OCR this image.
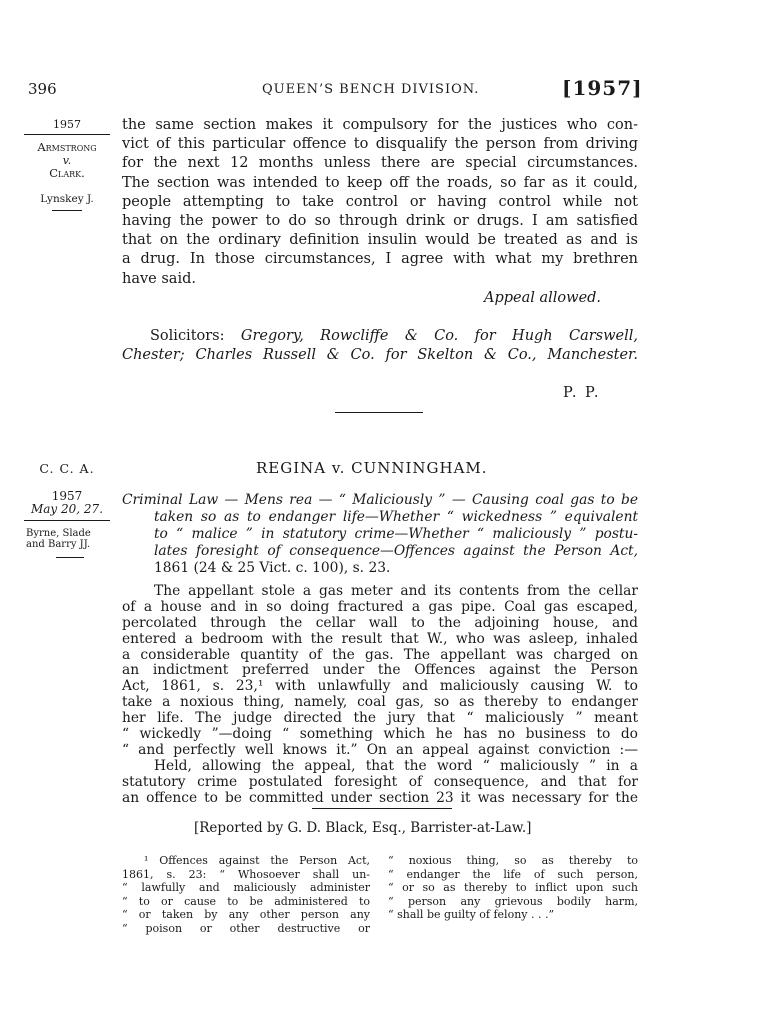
396	QUEEN’S BENCH DIVISION.	[1957]
1957
Armstrong
v.
Clark.
Lynskey J.
the same section makes it compulsory for the justices who con-
vict of this particular offence to disqualify the person from driving
for the next 12 months unless there are special circumstances.
The section was intended to keep off the roads, so far as it could,
people attempting to take control or having control while not
having the power to do so through drink or drugs. I am satisfied
that on the ordinary definition insulin would be treated as and is
a drug. In those circumstances, I agree with what my brethren
have said.
Appeal allowed.
Solicitors: Gregory, Rowcliffe & Co. for Hugh Carswell,
Chester; Charles Russell & Co. for Skelton & Co., Manchester.
P. P.
C. C. A.
1957
May 20, 27.
Byrne, Slade
and Barry JJ.
REGINA v. CUNNINGHAM.
Criminal Law — Mens rea — “ Maliciously ” — Causing coal gas to be
taken so as to endanger life—Whether “ wickedness ” equivalent
to “ malice ” in statutory crime—Whether “ maliciously ” postu-
lates foresight of consequence—Offences against the Person Act,
1861 (24 & 25 Vict. c. 100), s. 23.
The appellant stole a gas meter and its contents from the cellar
of a house and in so doing fractured a gas pipe. Coal gas escaped,
percolated through the cellar wall to the adjoining house, and
entered a bedroom with the result that W., who was asleep, inhaled
a considerable quantity of the gas. The appellant was charged on
an indictment preferred under the Offences against the Person
Act, 1861, s. 23,¹ with unlawfully and maliciously causing W. to
take a noxious thing, namely, coal gas, so as thereby to endanger
her life. The judge directed the jury that “ maliciously ” meant
“ wickedly ”—doing “ something which he has no business to do
“ and perfectly well knows it.” On an appeal against conviction :—
Held, allowing the appeal, that the word “ maliciously ” in a
statutory crime postulated foresight of consequence, and that for
an offence to be committed under section 23 it was necessary for the
[Reported by G. D. Black, Esq., Barrister-at-Law.]
¹ Offences against the Person Act,
1861, s. 23: “ Whosoever shall un-
“ lawfully and maliciously administer
“ to or cause to be administered to
“ or taken by any other person any
“ poison or other destructive or
“ noxious thing, so as thereby to
“ endanger the life of such person,
“ or so as thereby to inflict upon such
“ person any grievous bodily harm,
“ shall be guilty of felony . . .”
